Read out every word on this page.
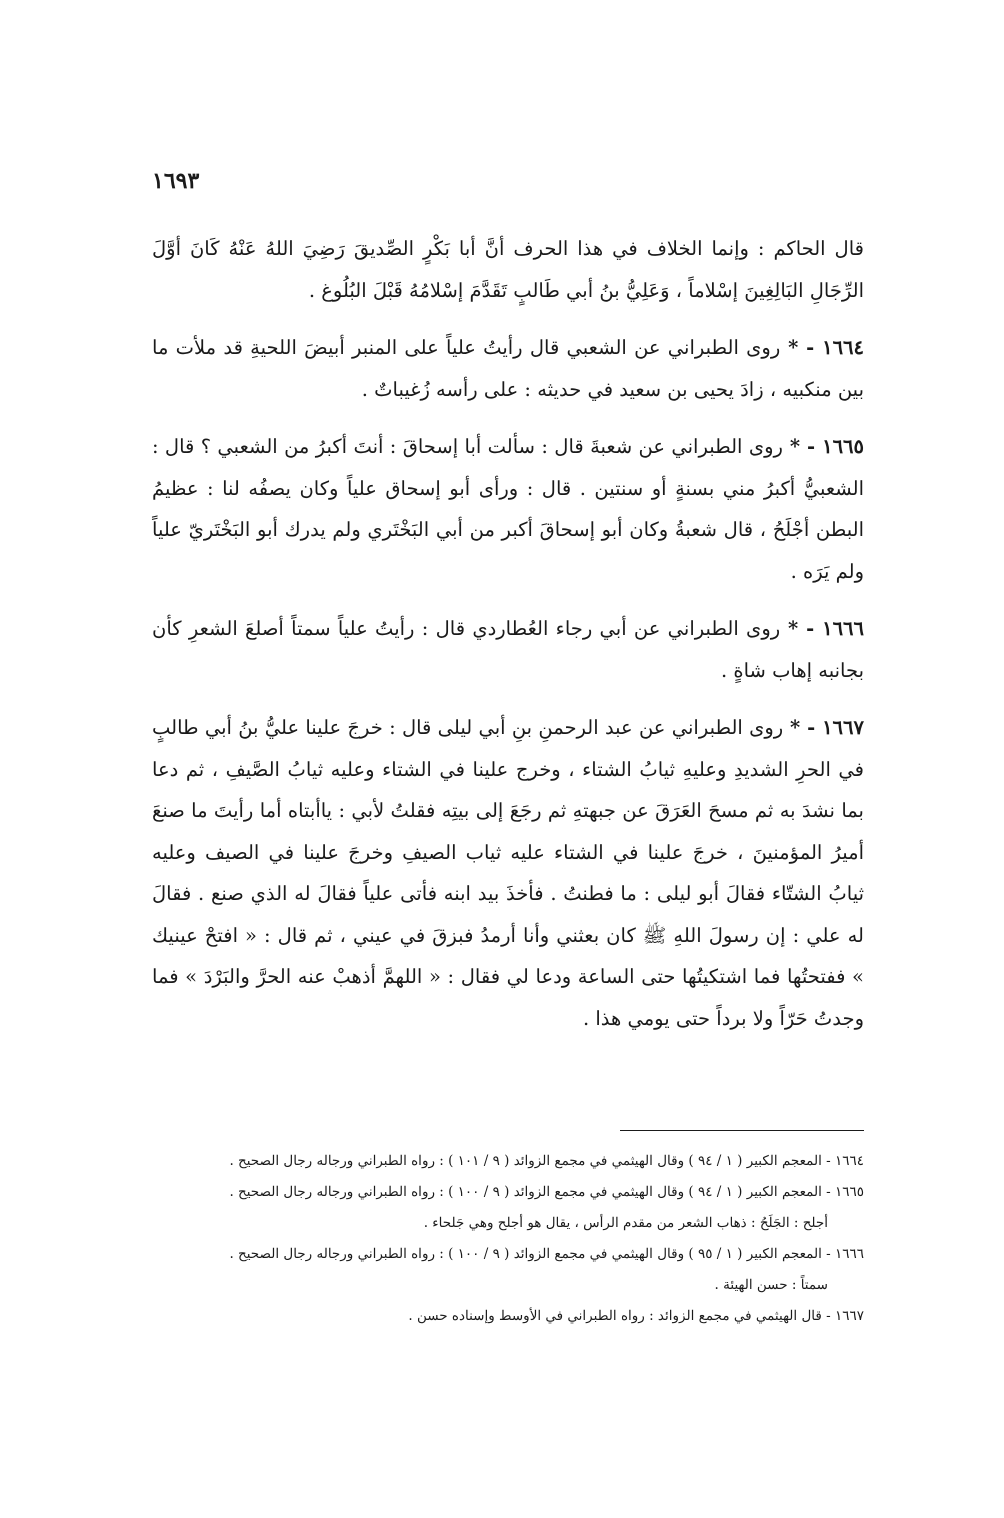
١٦٩٣

قال الحاكم : وإنما الخلاف في هذا الحرف أنَّ أبا بَكْرٍ الصِّديقَ رَضِيَ اللهُ عَنْهُ كَانَ أوَّلَ الرِّجَالِ البَالِغِينَ إسْلاماً ، وَعَلِيُّ بنُ أبي طَالبٍ تَقَدَّمَ إسْلامُهُ قَبْلَ البُلُوغ .

١٦٦٤ - * روى الطبراني عن الشعبي قال رأيتُ علياً على المنبر أبيضَ اللحيةِ قد ملأت ما بين منكبيه ، زادَ يحيى بن سعيد في حديثه : على رأسه زُغيباتٌ .

١٦٦٥ - * روى الطبراني عن شعبةَ قال : سألت أبا إسحاقَ : أنتَ أكبرُ من الشعبي ؟ قال : الشعبيُّ أكبرُ مني بسنةٍ أو سنتين . قال : ورأى أبو إسحاق علياً وكان يصفُه لنا : عظيمُ البطن أجْلَحُ ، قال شعبةُ وكان أبو إسحاقَ أكبر من أبي البَخْتَري ولم يدرك أبو البَخْتَريّ علياً ولم يَرَه .

١٦٦٦ - * روى الطبراني عن أبي رجاء العُطاردي قال : رأيتُ علياً سمتاً أصلعَ الشعرِ كأن بجانبه إهاب شاةٍ .

١٦٦٧ - * روى الطبراني عن عبد الرحمنِ بنِ أبي ليلى قال : خرجَ علينا عليُّ بنُ أبي طالبٍ في الحرِ الشديدِ وعليهِ ثيابُ الشتاء ، وخرج علينا في الشتاء وعليه ثيابُ الصَّيفِ ، ثم دعا بما نشدَ به ثم مسحَ العَرَقَ عن جبهتهِ ثم رجَعَ إلى بيتِه فقلتُ لأبي : ياأبتاه أما رأيتَ ما صنعَ أميرُ المؤمنينَ ، خرجَ علينا في الشتاء عليه ثياب الصيفِ وخرجَ علينا في الصيف وعليه ثيابُ الشتّاء فقالَ أبو ليلى : ما فطنتُ . فأخذَ بيد ابنه فأتى علياً فقالَ له الذي صنع . فقالَ له علي : إن رسولَ اللهِ ﷺ كان بعثني وأنا أرمدُ فبزقَ في عيني ، ثم قال : « افتحْ عينيك » ففتحتُها فما اشتكيتُها حتى الساعة ودعا لي فقال : « اللهمَّ أذهبْ عنه الحرَّ والبَرْدَ » فما وجدتُ حَرّاً ولا برداً حتى يومي هذا .

١٦٦٤ - المعجم الكبير ( ١ / ٩٤ ) وقال الهيثمي في مجمع الزوائد ( ٩ / ١٠١ ) : رواه الطبراني ورجاله رجال الصحيح .

١٦٦٥ - المعجم الكبير ( ١ / ٩٤ ) وقال الهيثمي في مجمع الزوائد ( ٩ / ١٠٠ ) : رواه الطبراني ورجاله رجال الصحيح .

أجلح : الجَلَحُ : ذهاب الشعر من مقدم الرأس ، يقال هو أجلح وهي جَلحاء .

١٦٦٦ - المعجم الكبير ( ١ / ٩٥ ) وقال الهيثمي في مجمع الزوائد ( ٩ / ١٠٠ ) : رواه الطبراني ورجاله رجال الصحيح .

سمتاً : حسن الهيئة .

١٦٦٧ - قال الهيثمي في مجمع الزوائد : رواه الطبراني في الأوسط وإسناده حسن .
